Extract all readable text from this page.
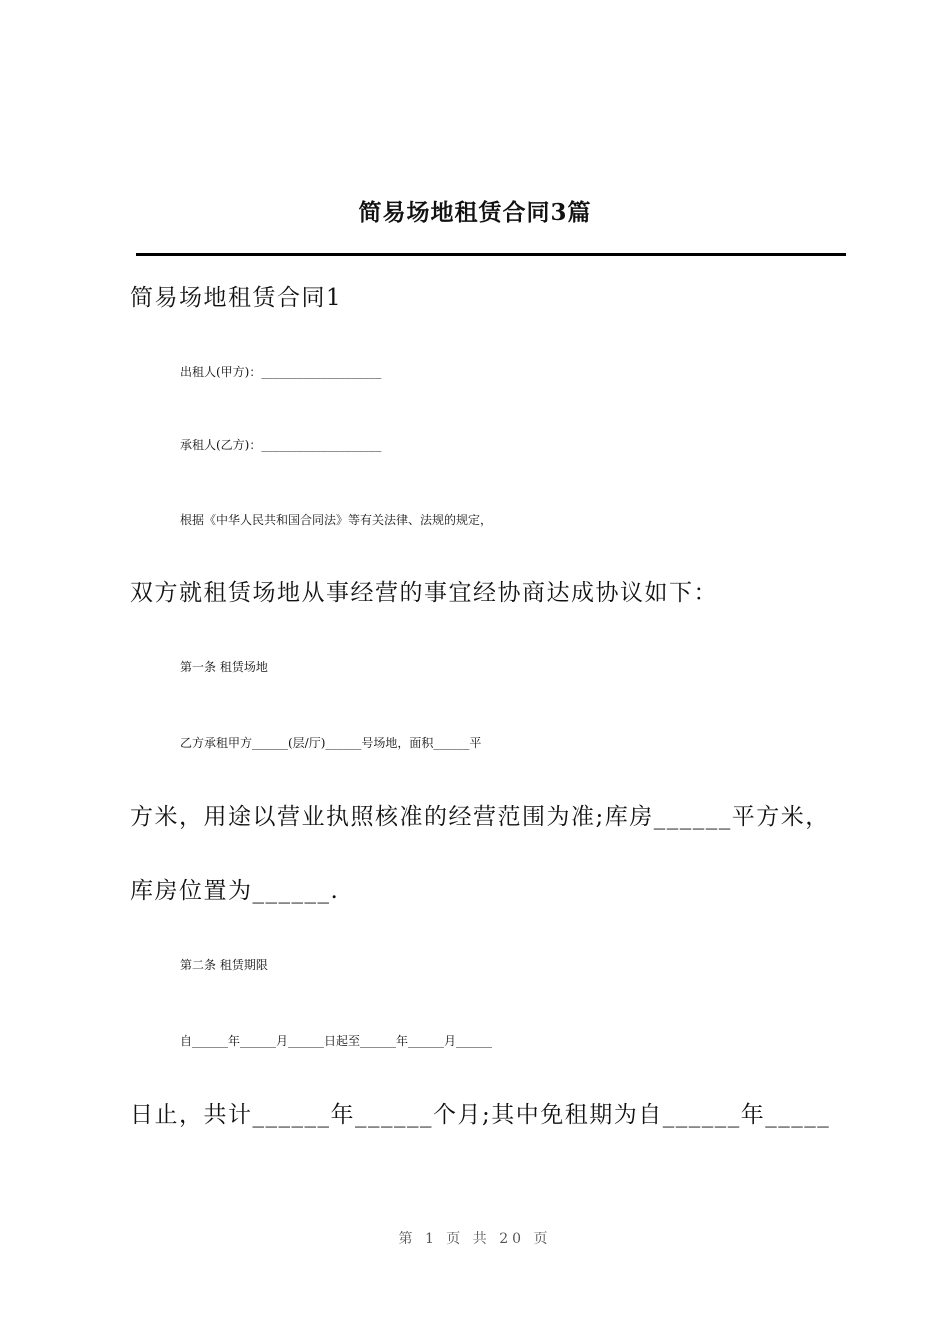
简易场地租赁合同3篇
简易场地租赁合同1
出租人(甲方)：____________________
承租人(乙方)：____________________
根据《中华人民共和国合同法》等有关法律、法规的规定，
双方就租赁场地从事经营的事宜经协商达成协议如下：
第一条 租赁场地
乙方承租甲方______(层/厅)______号场地，面积______平
方米，用途以营业执照核准的经营范围为准;库房______平方米，
库房位置为______.
第二条 租赁期限
自______年______月______日起至______年______月______
日止，共计______年______个月;其中免租期为自______年_____
第 1 页 共 20 页
